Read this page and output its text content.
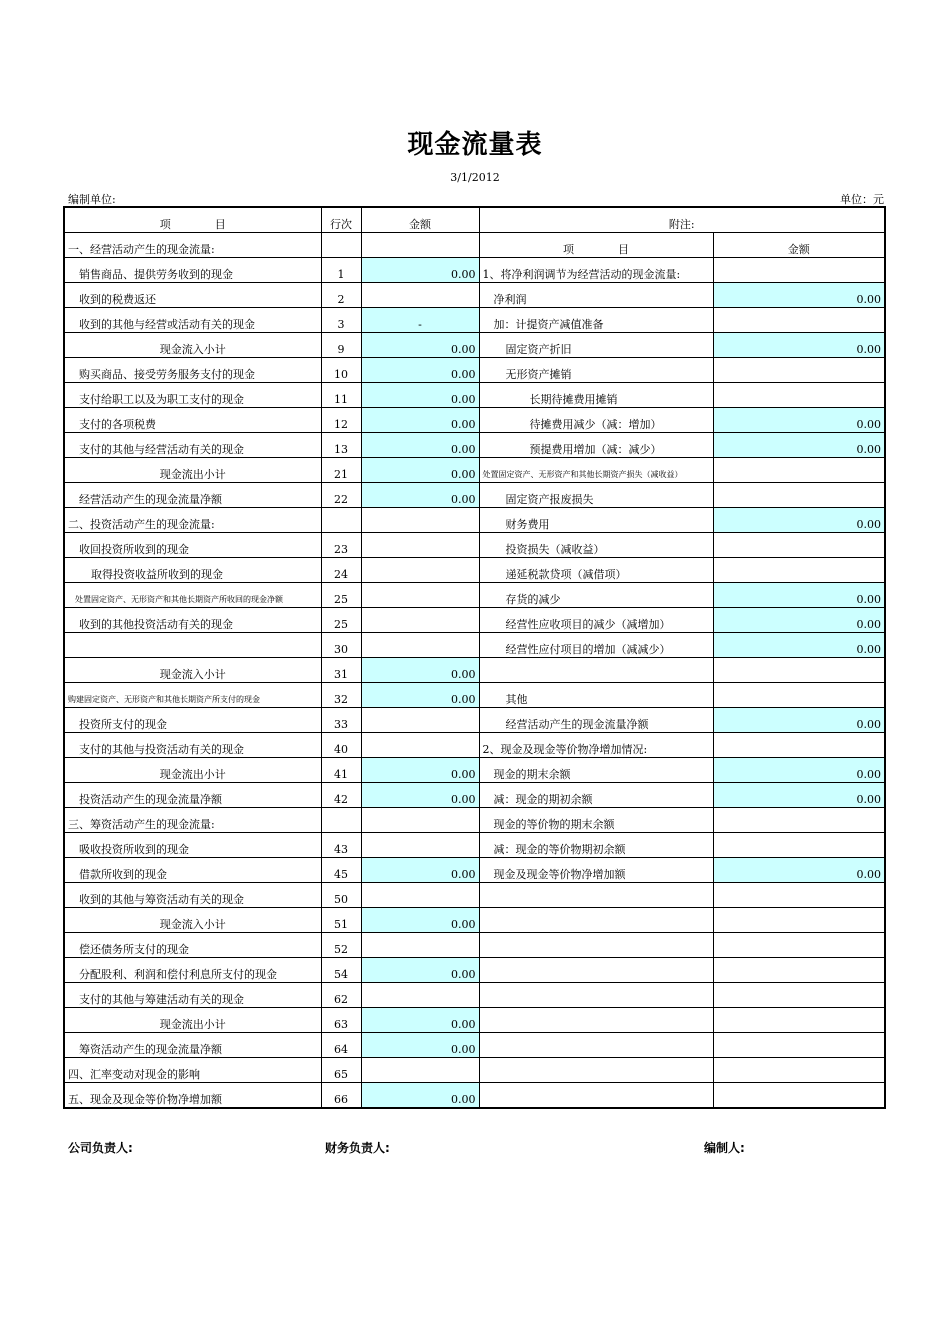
现金流量表
3/1/2012
编制单位:	单位：元
项　　　　目	行次	金额	附注:	
一、经营活动产生的现金流量:			项　　　　目	金额
销售商品、提供劳务收到的现金	1	0.00	1、将净利润调节为经营活动的现金流量:	
收到的税费返还	2		净利润	0.00
收到的其他与经营或活动有关的现金	3	-	加：计提资产减值准备	
现金流入小计	9	0.00	固定资产折旧	0.00
购买商品、接受劳务服务支付的现金	10	0.00	无形资产摊销	
支付给职工以及为职工支付的现金	11	0.00	长期待摊费用摊销	
支付的各项税费	12	0.00	待摊费用减少（减：增加）	0.00
支付的其他与经营活动有关的现金	13	0.00	预提费用增加（减：减少）	0.00
现金流出小计	21	0.00	处置固定资产、无形资产和其他长期资产损失（减收益）	
经营活动产生的现金流量净额	22	0.00	固定资产报废损失	
二、投资活动产生的现金流量:			财务费用	0.00
收回投资所收到的现金	23		投资损失（减收益）	
取得投资收益所收到的现金	24		递延税款贷项（减借项）	
处置固定资产、无形资产和其他长期资产所收回的现金净额	25		存货的减少	0.00
收到的其他投资活动有关的现金	25		经营性应收项目的减少（减增加）	0.00
	30		经营性应付项目的增加（减减少）	0.00
现金流入小计	31	0.00		
购建固定资产、无形资产和其他长期资产所支付的现金	32	0.00	其他	
投资所支付的现金	33		经营活动产生的现金流量净额	0.00
支付的其他与投资活动有关的现金	40		2、现金及现金等价物净增加情况:	
现金流出小计	41	0.00	现金的期末余额	0.00
投资活动产生的现金流量净额	42	0.00	减：现金的期初余额	0.00
三、筹资活动产生的现金流量:			现金的等价物的期末余额	
吸收投资所收到的现金	43		减：现金的等价物期初余额	
借款所收到的现金	45	0.00	现金及现金等价物净增加额	0.00
收到的其他与筹资活动有关的现金	50			
现金流入小计	51	0.00		
偿还债务所支付的现金	52			
分配股利、利润和偿付利息所支付的现金	54	0.00		
支付的其他与筹建活动有关的现金	62			
现金流出小计	63	0.00		
筹资活动产生的现金流量净额	64	0.00		
四、汇率变动对现金的影响	65			
五、现金及现金等价物净增加额	66	0.00		
公司负责人:	财务负责人:	编制人:
